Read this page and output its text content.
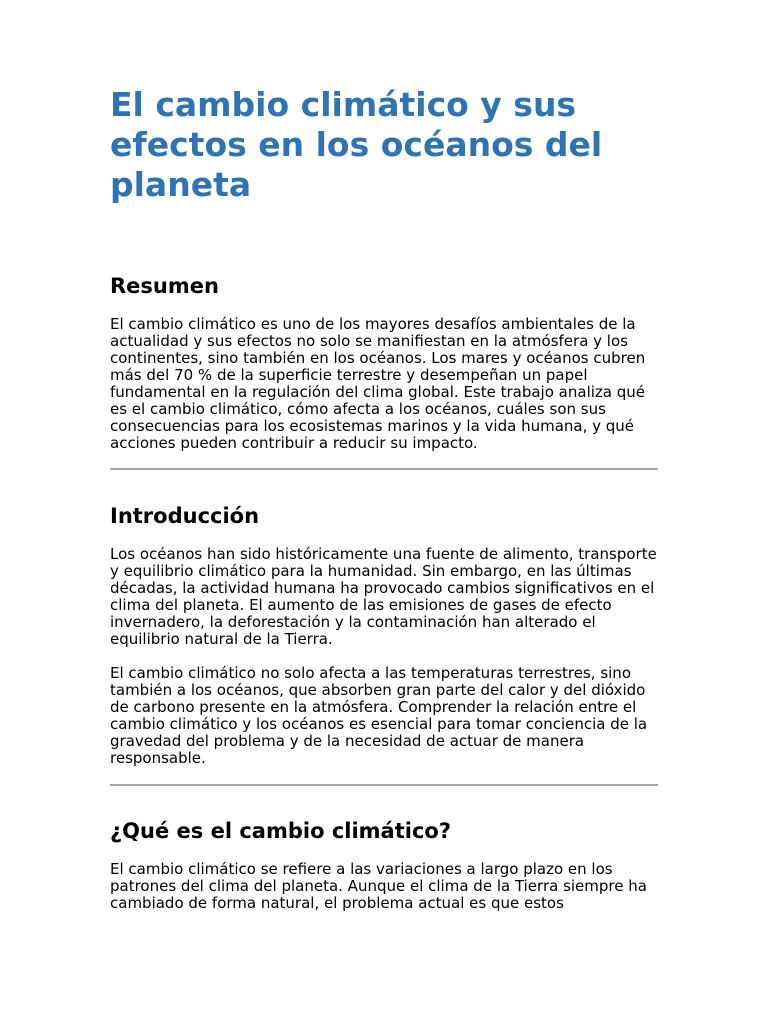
El cambio climático y sus efectos en los océanos del planeta
Resumen

El cambio climático es uno de los mayores desafíos ambientales de la actualidad y sus efectos no solo se manifiestan en la atmósfera y los continentes, sino también en los océanos. Los mares y océanos cubren más del 70 % de la superficie terrestre y desempeñan un papel fundamental en la regulación del clima global. Este trabajo analiza qué es el cambio climático, cómo afecta a los océanos, cuáles son sus consecuencias para los ecosistemas marinos y la vida humana, y qué acciones pueden contribuir a reducir su impacto.

Introducción

Los océanos han sido históricamente una fuente de alimento, transporte y equilibrio climático para la humanidad. Sin embargo, en las últimas décadas, la actividad humana ha provocado cambios significativos en el clima del planeta. El aumento de las emisiones de gases de efecto invernadero, la deforestación y la contaminación han alterado el equilibrio natural de la Tierra.

El cambio climático no solo afecta a las temperaturas terrestres, sino también a los océanos, que absorben gran parte del calor y del dióxido de carbono presente en la atmósfera. Comprender la relación entre el cambio climático y los océanos es esencial para tomar conciencia de la gravedad del problema y de la necesidad de actuar de manera responsable.

¿Qué es el cambio climático?

El cambio climático se refiere a las variaciones a largo plazo en los patrones del clima del planeta. Aunque el clima de la Tierra siempre ha cambiado de forma natural, el problema actual es que estos
